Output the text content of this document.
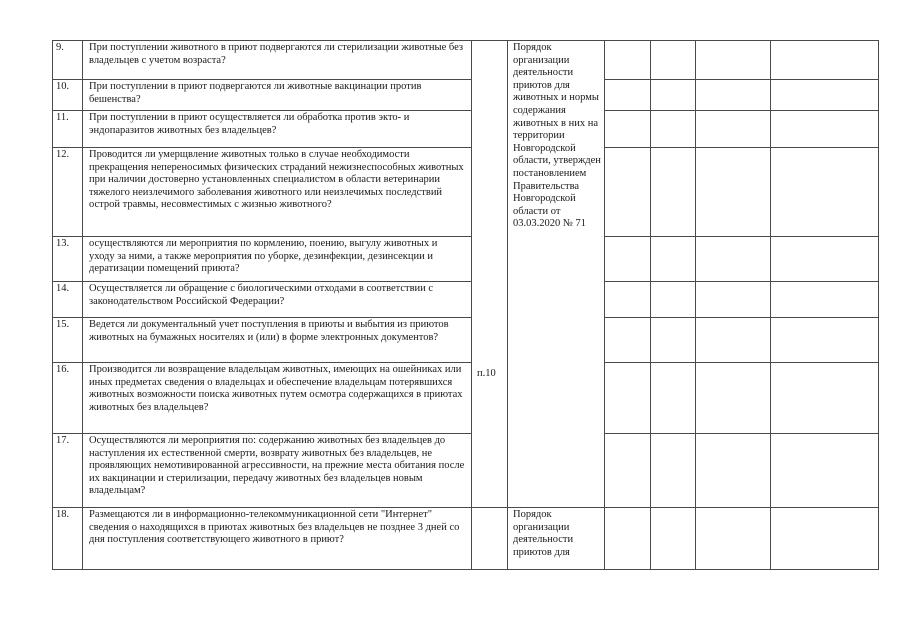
9.	При поступлении животного в приют подвергаются ли стерилизации животные без владельцев с учетом возраста?	п.10	Порядок организации деятельности приютов для животных и нормы содержания животных в них на территории Новгородской области, утвержден постановлением Правительства Новгородской области от 03.03.2020 № 71				
10.	При поступлении в приют подвергаются ли животные вакцинации против бешенства?						
11.	При поступлении в приют осуществляется ли обработка против экто- и эндопаразитов животных без владельцев?						
12.	Проводится ли умерщвление животных только в случае необходимости прекращения непереносимых физических страданий нежизнеспособных животных при наличии достоверно установленных специалистом в области ветеринарии тяжелого неизлечимого заболевания животного или неизлечимых последствий острой травмы, несовместимых с жизнью животного?						
13.	осуществляются ли мероприятия по кормлению, поению, выгулу животных и уходу за ними, а также мероприятия по уборке, дезинфекции, дезинсекции и дератизации помещений приюта?						
14.	Осуществляется ли обращение с биологическими отходами в соответствии с законодательством Российской Федерации?						
15.	Ведется ли документальный учет поступления в приюты и выбытия из приютов животных на бумажных носителях и (или) в форме электронных документов?						
16.	Производится ли возвращение владельцам животных, имеющих на ошейниках или иных предметах сведения о владельцах и обеспечение владельцам потерявшихся животных возможности поиска животных путем осмотра содержащихся в приютах животных без владельцев?						
17.	Осуществляются ли мероприятия по: содержанию животных без владельцев до наступления их естественной смерти, возврату животных без владельцев, не проявляющих немотивированной агрессивности, на прежние места обитания после их вакцинации и стерилизации, передачу животных без владельцев новым владельцам?						
18.	Размещаются ли в информационно-телекоммуникационной сети "Интернет" сведения о находящихся в приютах животных без владельцев не позднее 3 дней со дня поступления соответствующего животного в приют?		Порядок организации деятельности приютов для				
